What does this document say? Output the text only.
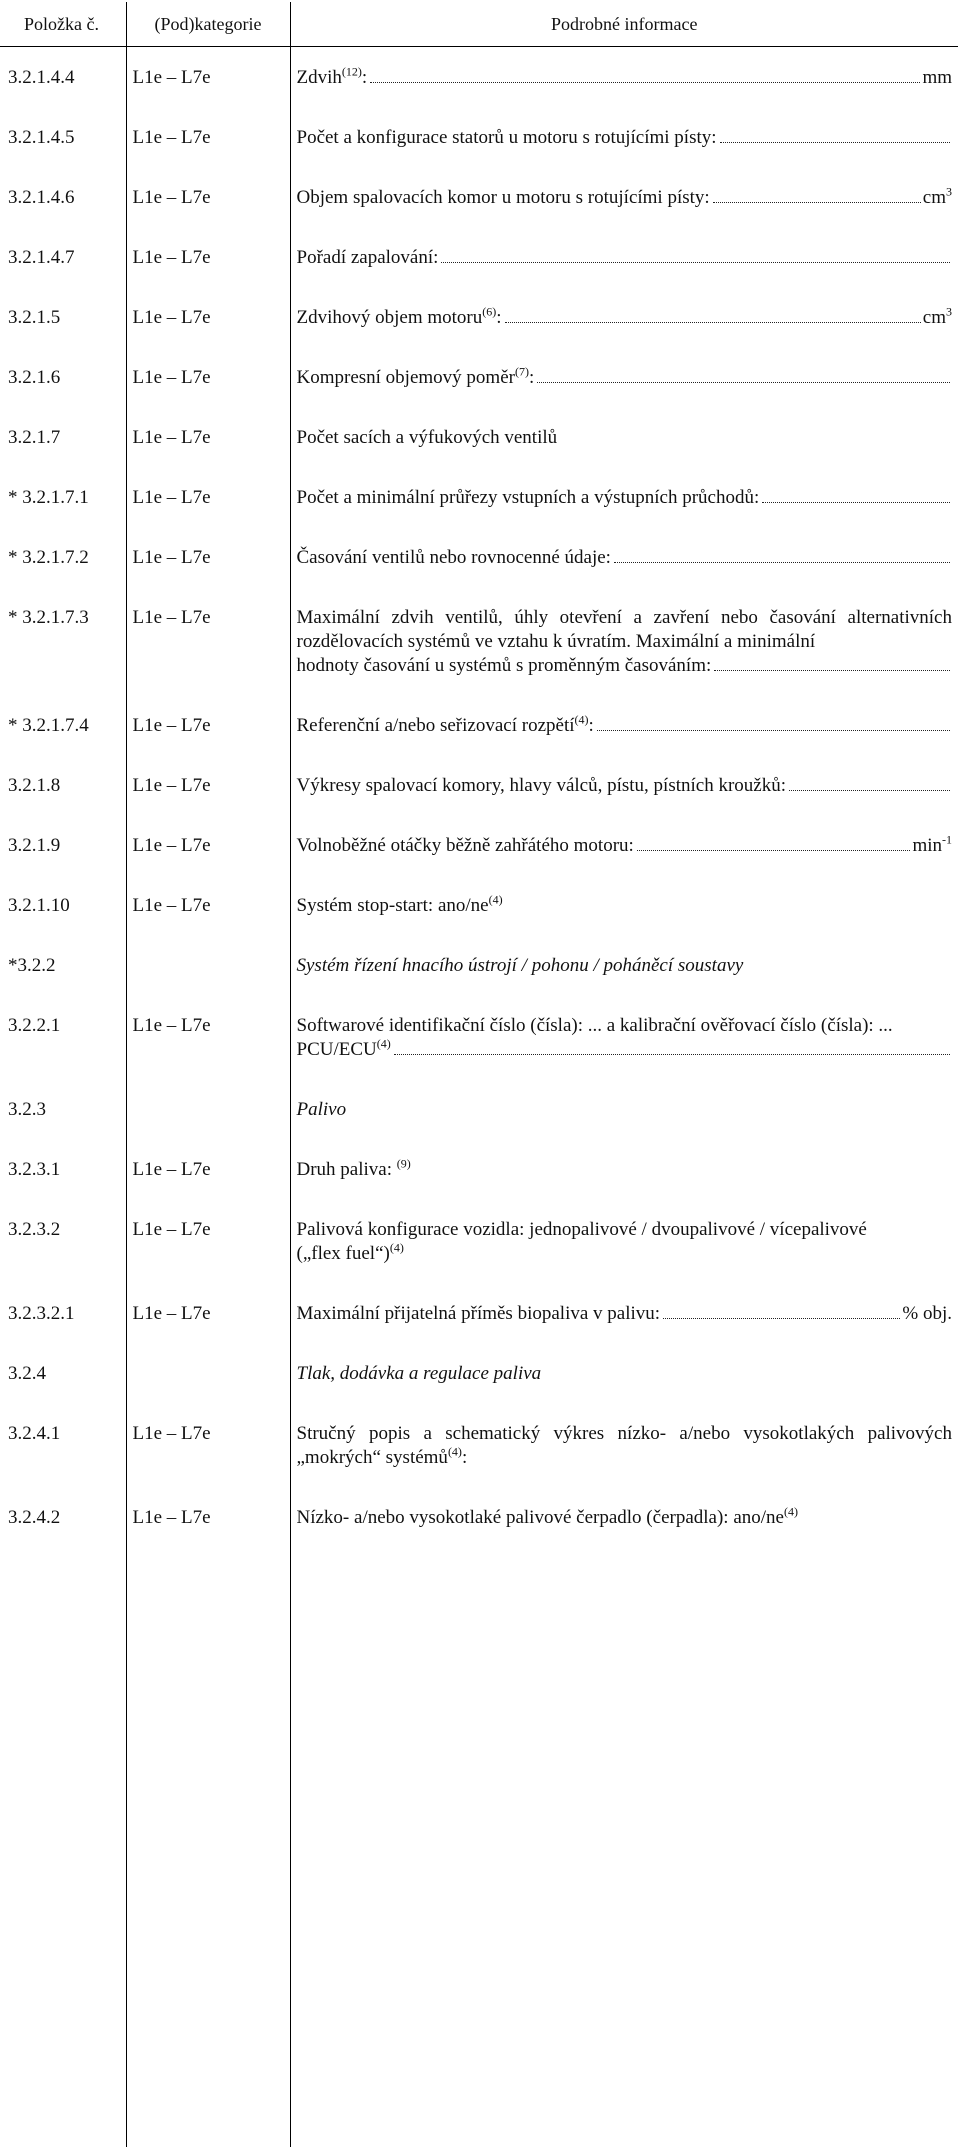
Položka č.	(Pod)kategorie	Podrobné informace
3.2.1.4.4	L1e – L7e	Zdvih$^{(12)}$: mm

3.2.1.4.5	L1e – L7e	Počet a konfigurace statorů u motoru s rotujícími písty:

3.2.1.4.6	L1e – L7e	Objem spalovacích komor u motoru s rotujícími písty: $cm^3$

3.2.1.4.7	L1e – L7e	Pořadí zapalování:

3.2.1.5	L1e – L7e	Zdvihový objem motoru$^{(6)}$: $cm^3$

3.2.1.6	L1e – L7e	Kompresní objemový poměr$^{(7)}$:

3.2.1.7	L1e – L7e	Počet sacích a výfukových ventilů
* 3.2.1.7.1	L1e – L7e	Počet a minimální průřezy vstupních a výstupních průchodů:

* 3.2.1.7.2	L1e – L7e	Časování ventilů nebo rovnocenné údaje:

* 3.2.1.7.3	L1e – L7e	Maximální zdvih ventilů, úhly otevření a zavření nebo časování alternativních rozdělovacích systémů ve vztahu k úvratím. Maximální a minimální
hodnoty časování u systémů s proměnným časováním:

* 3.2.1.7.4	L1e – L7e	Referenční a/nebo seřizovací rozpětí$^{(4)}$:

3.2.1.8	L1e – L7e	Výkresy spalovací komory, hlavy válců, pístu, pístních kroužků:

3.2.1.9	L1e – L7e	Volnoběžné otáčky běžně zahřátého motoru: $\min^{-1}$

3.2.1.10	L1e – L7e	Systém stop-start: ano/$ne^{(4)}$
*3.2.2		Systém řízení hnacího ústrojí / pohonu / poháněcí soustavy
3.2.2.1	L1e – L7e	Softwarové identifikační číslo (čísla): ... a kalibrační ověřovací číslo (čísla): ...
PCU/ECU$^{(4)}$

3.2.3		Palivo
3.2.3.1	L1e – L7e	Druh paliva: $^{(9)}$
3.2.3.2	L1e – L7e	Palivová konfigurace vozidla: jednopalivové / dvoupalivové / vícepalivové
(„flex fuel“)$^{(4)}$

3.2.3.2.1	L1e – L7e	Maximální přijatelná příměs biopaliva v palivu: % obj.

3.2.4		Tlak, dodávka a regulace paliva
3.2.4.1	L1e – L7e	Stručný popis a schematický výkres nízko- a/nebo vysokotlakých palivových „mokrých“ systémů$^{(4)}$:

3.2.4.2	L1e – L7e	Nízko- a/nebo vysokotlaké palivové čerpadlo (čerpadla): ano/$ne^{(4)}$
